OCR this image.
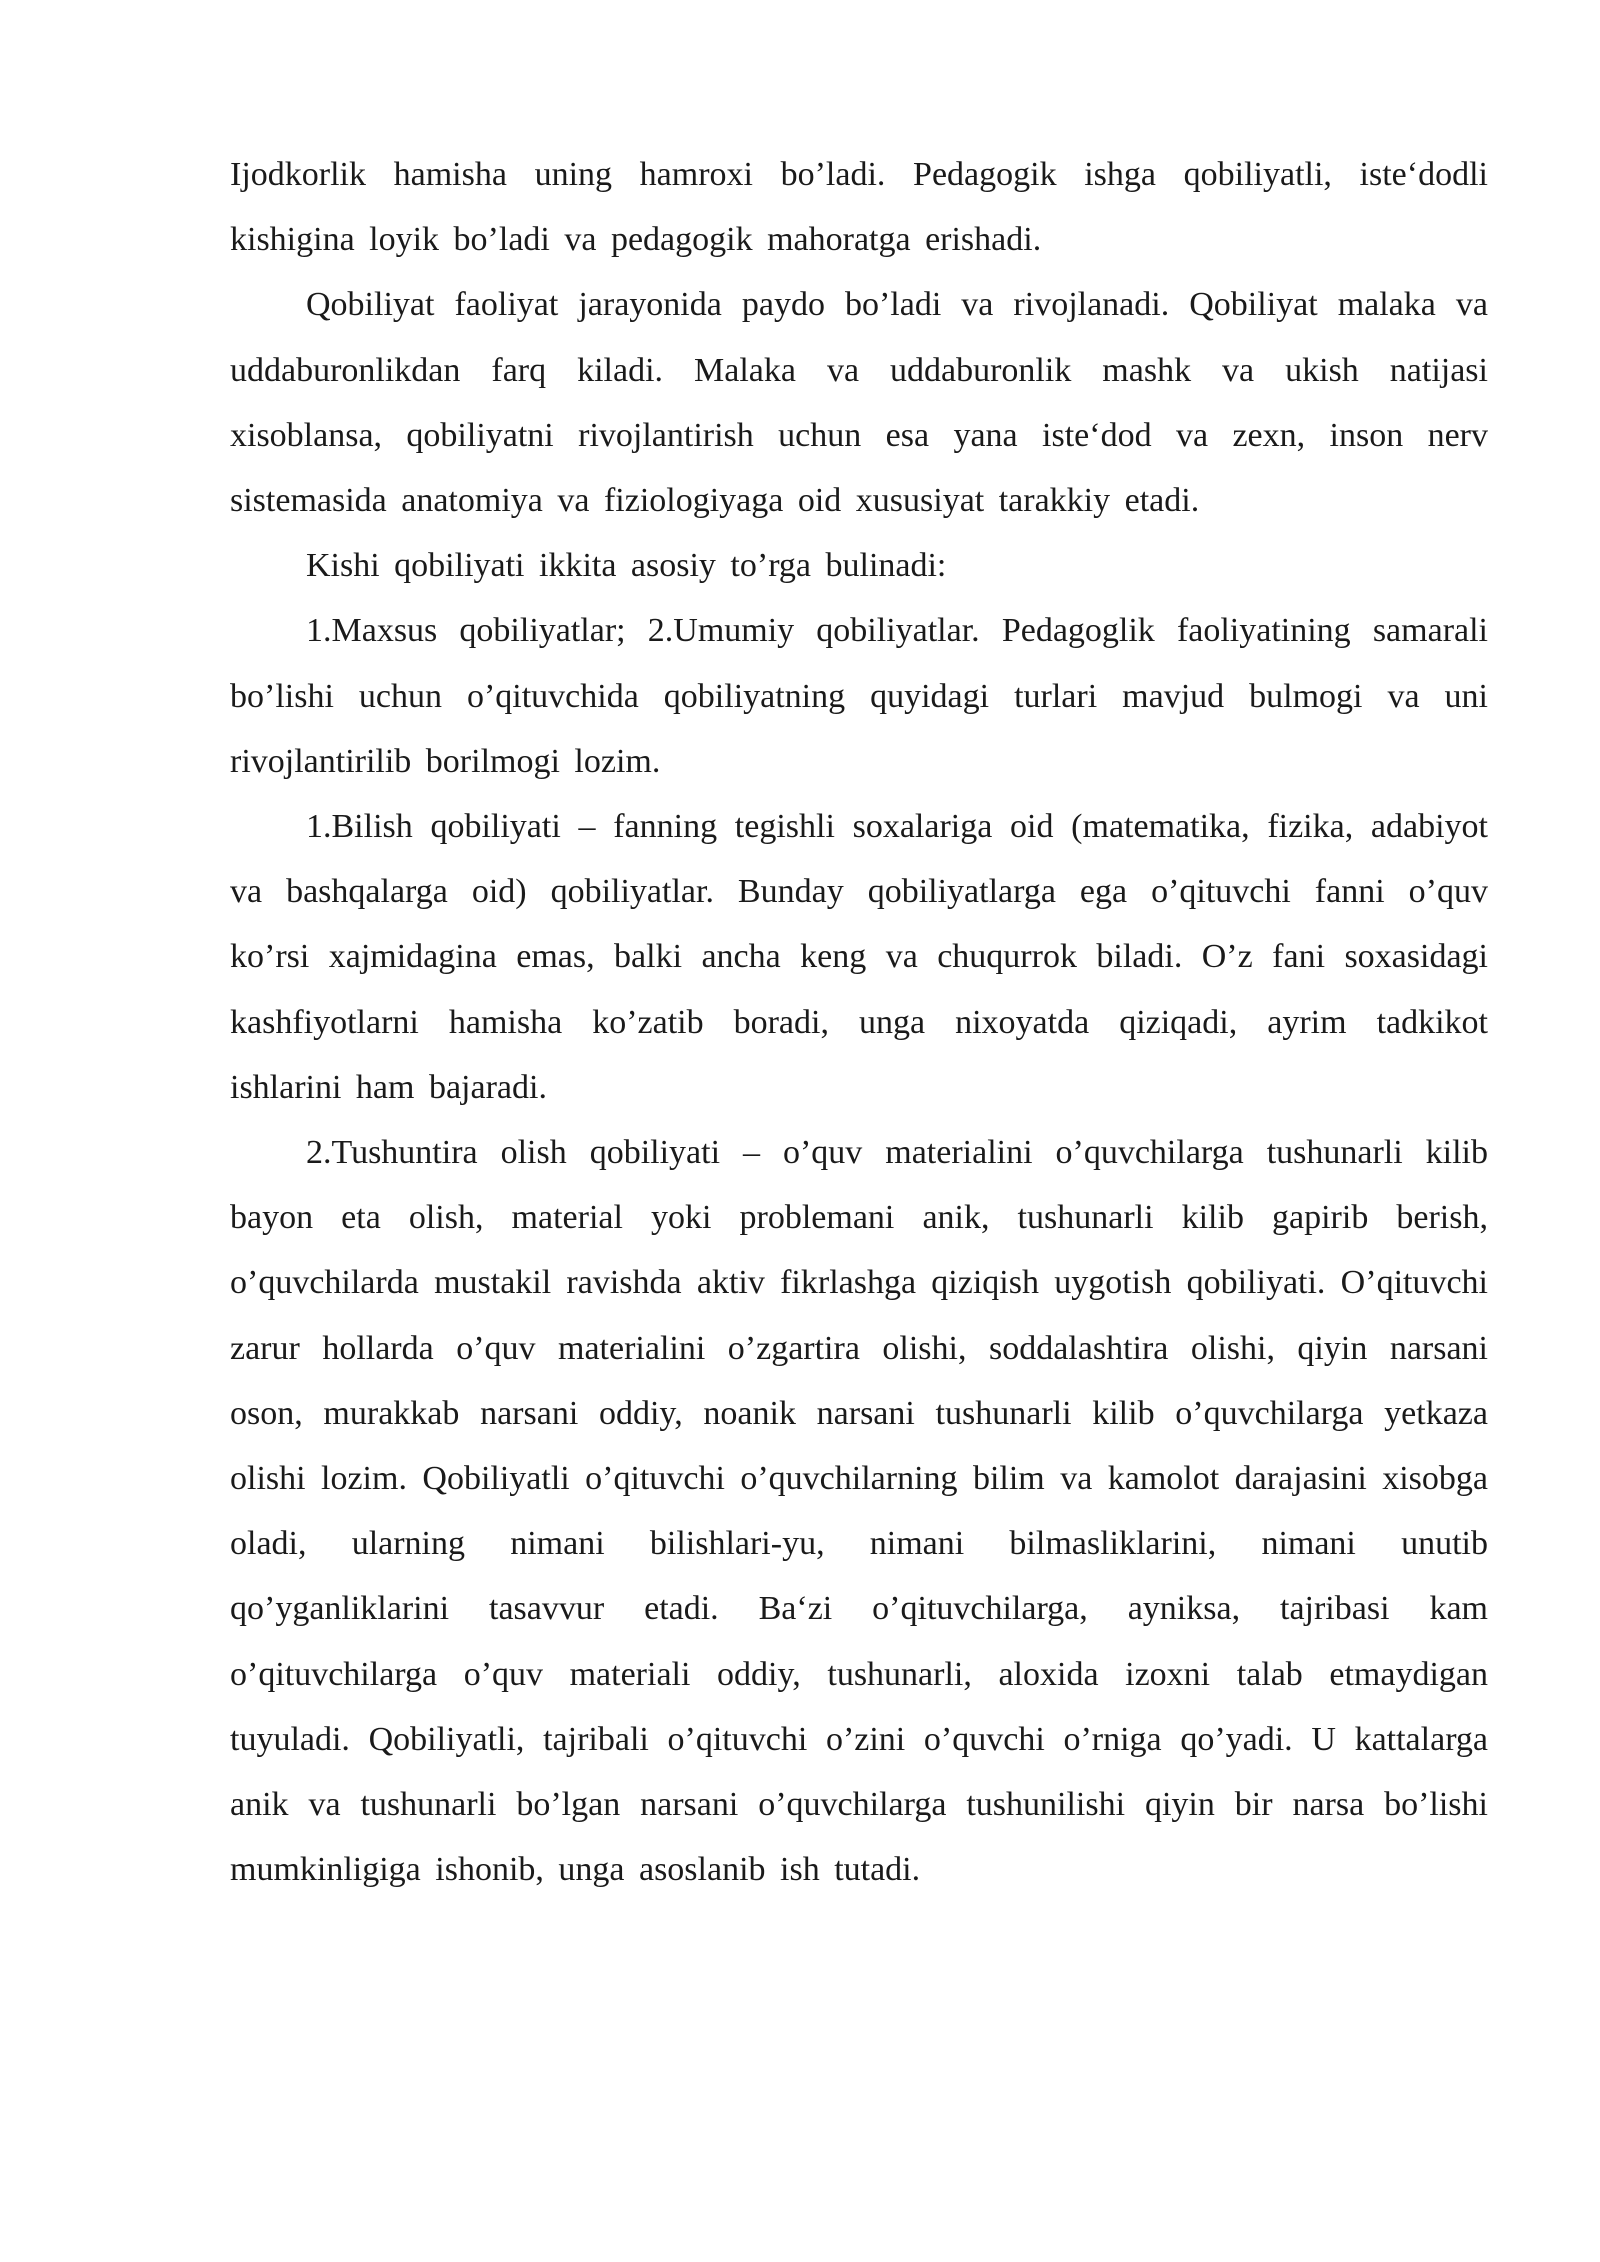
Ijodkorlik hamisha uning hamroxi bo’ladi. Pedagogik ishga qobiliyatli, iste‘dodli kishigina loyik bo’ladi va pedagogik mahoratga erishadi.

Qobiliyat faoliyat jarayonida paydo bo’ladi va rivojlanadi. Qobiliyat malaka va uddaburonlikdan farq kiladi. Malaka va uddaburonlik mashk va ukish natijasi xisoblansa, qobiliyatni rivojlantirish uchun esa yana iste‘dod va zexn, inson nerv sistemasida anatomiya va fiziologiyaga oid xususiyat tarakkiy etadi.

Kishi qobiliyati ikkita asosiy to’rga bulinadi:

1.Maxsus qobiliyatlar; 2.Umumiy qobiliyatlar. Pedagoglik faoliyatining samarali bo’lishi uchun o’qituvchida qobiliyatning quyidagi turlari mavjud bulmogi va uni rivojlantirilib borilmogi lozim.

1.Bilish qobiliyati – fanning tegishli soxalariga oid (matematika, fizika, adabiyot va bashqalarga oid) qobiliyatlar. Bunday qobiliyatlarga ega o’qituvchi fanni o’quv ko’rsi xajmidagina emas, balki ancha keng va chuqurrok biladi. O’z fani soxasidagi kashfiyotlarni hamisha ko’zatib boradi, unga nixoyatda qiziqadi, ayrim tadkikot ishlarini ham bajaradi.

2.Tushuntira olish qobiliyati – o’quv materialini o’quvchilarga tushunarli kilib bayon eta olish, material yoki problemani anik, tushunarli kilib gapirib berish, o’quvchilarda mustakil ravishda aktiv fikrlashga qiziqish uygotish qobiliyati. O’qituvchi zarur hollarda o’quv materialini o’zgartira olishi, soddalashtira olishi, qiyin narsani oson, murakkab narsani oddiy, noanik narsani tushunarli kilib o’quvchilarga yetkaza olishi lozim. Qobiliyatli o’qituvchi o’quvchilarning bilim va kamolot darajasini xisobga oladi, ularning nimani bilishlari-yu, nimani bilmasliklarini, nimani unutib qo’yganliklarini tasavvur etadi. Ba‘zi o’qituvchilarga, ayniksa, tajribasi kam o’qituvchilarga o’quv materiali oddiy, tushunarli, aloxida izoxni talab etmaydigan tuyuladi. Qobiliyatli, tajribali o’qituvchi o’zini o’quvchi o’rniga qo’yadi. U kattalarga anik va tushunarli bo’lgan narsani o’quvchilarga tushunilishi qiyin bir narsa bo’lishi mumkinligiga ishonib, unga asoslanib ish tutadi.
